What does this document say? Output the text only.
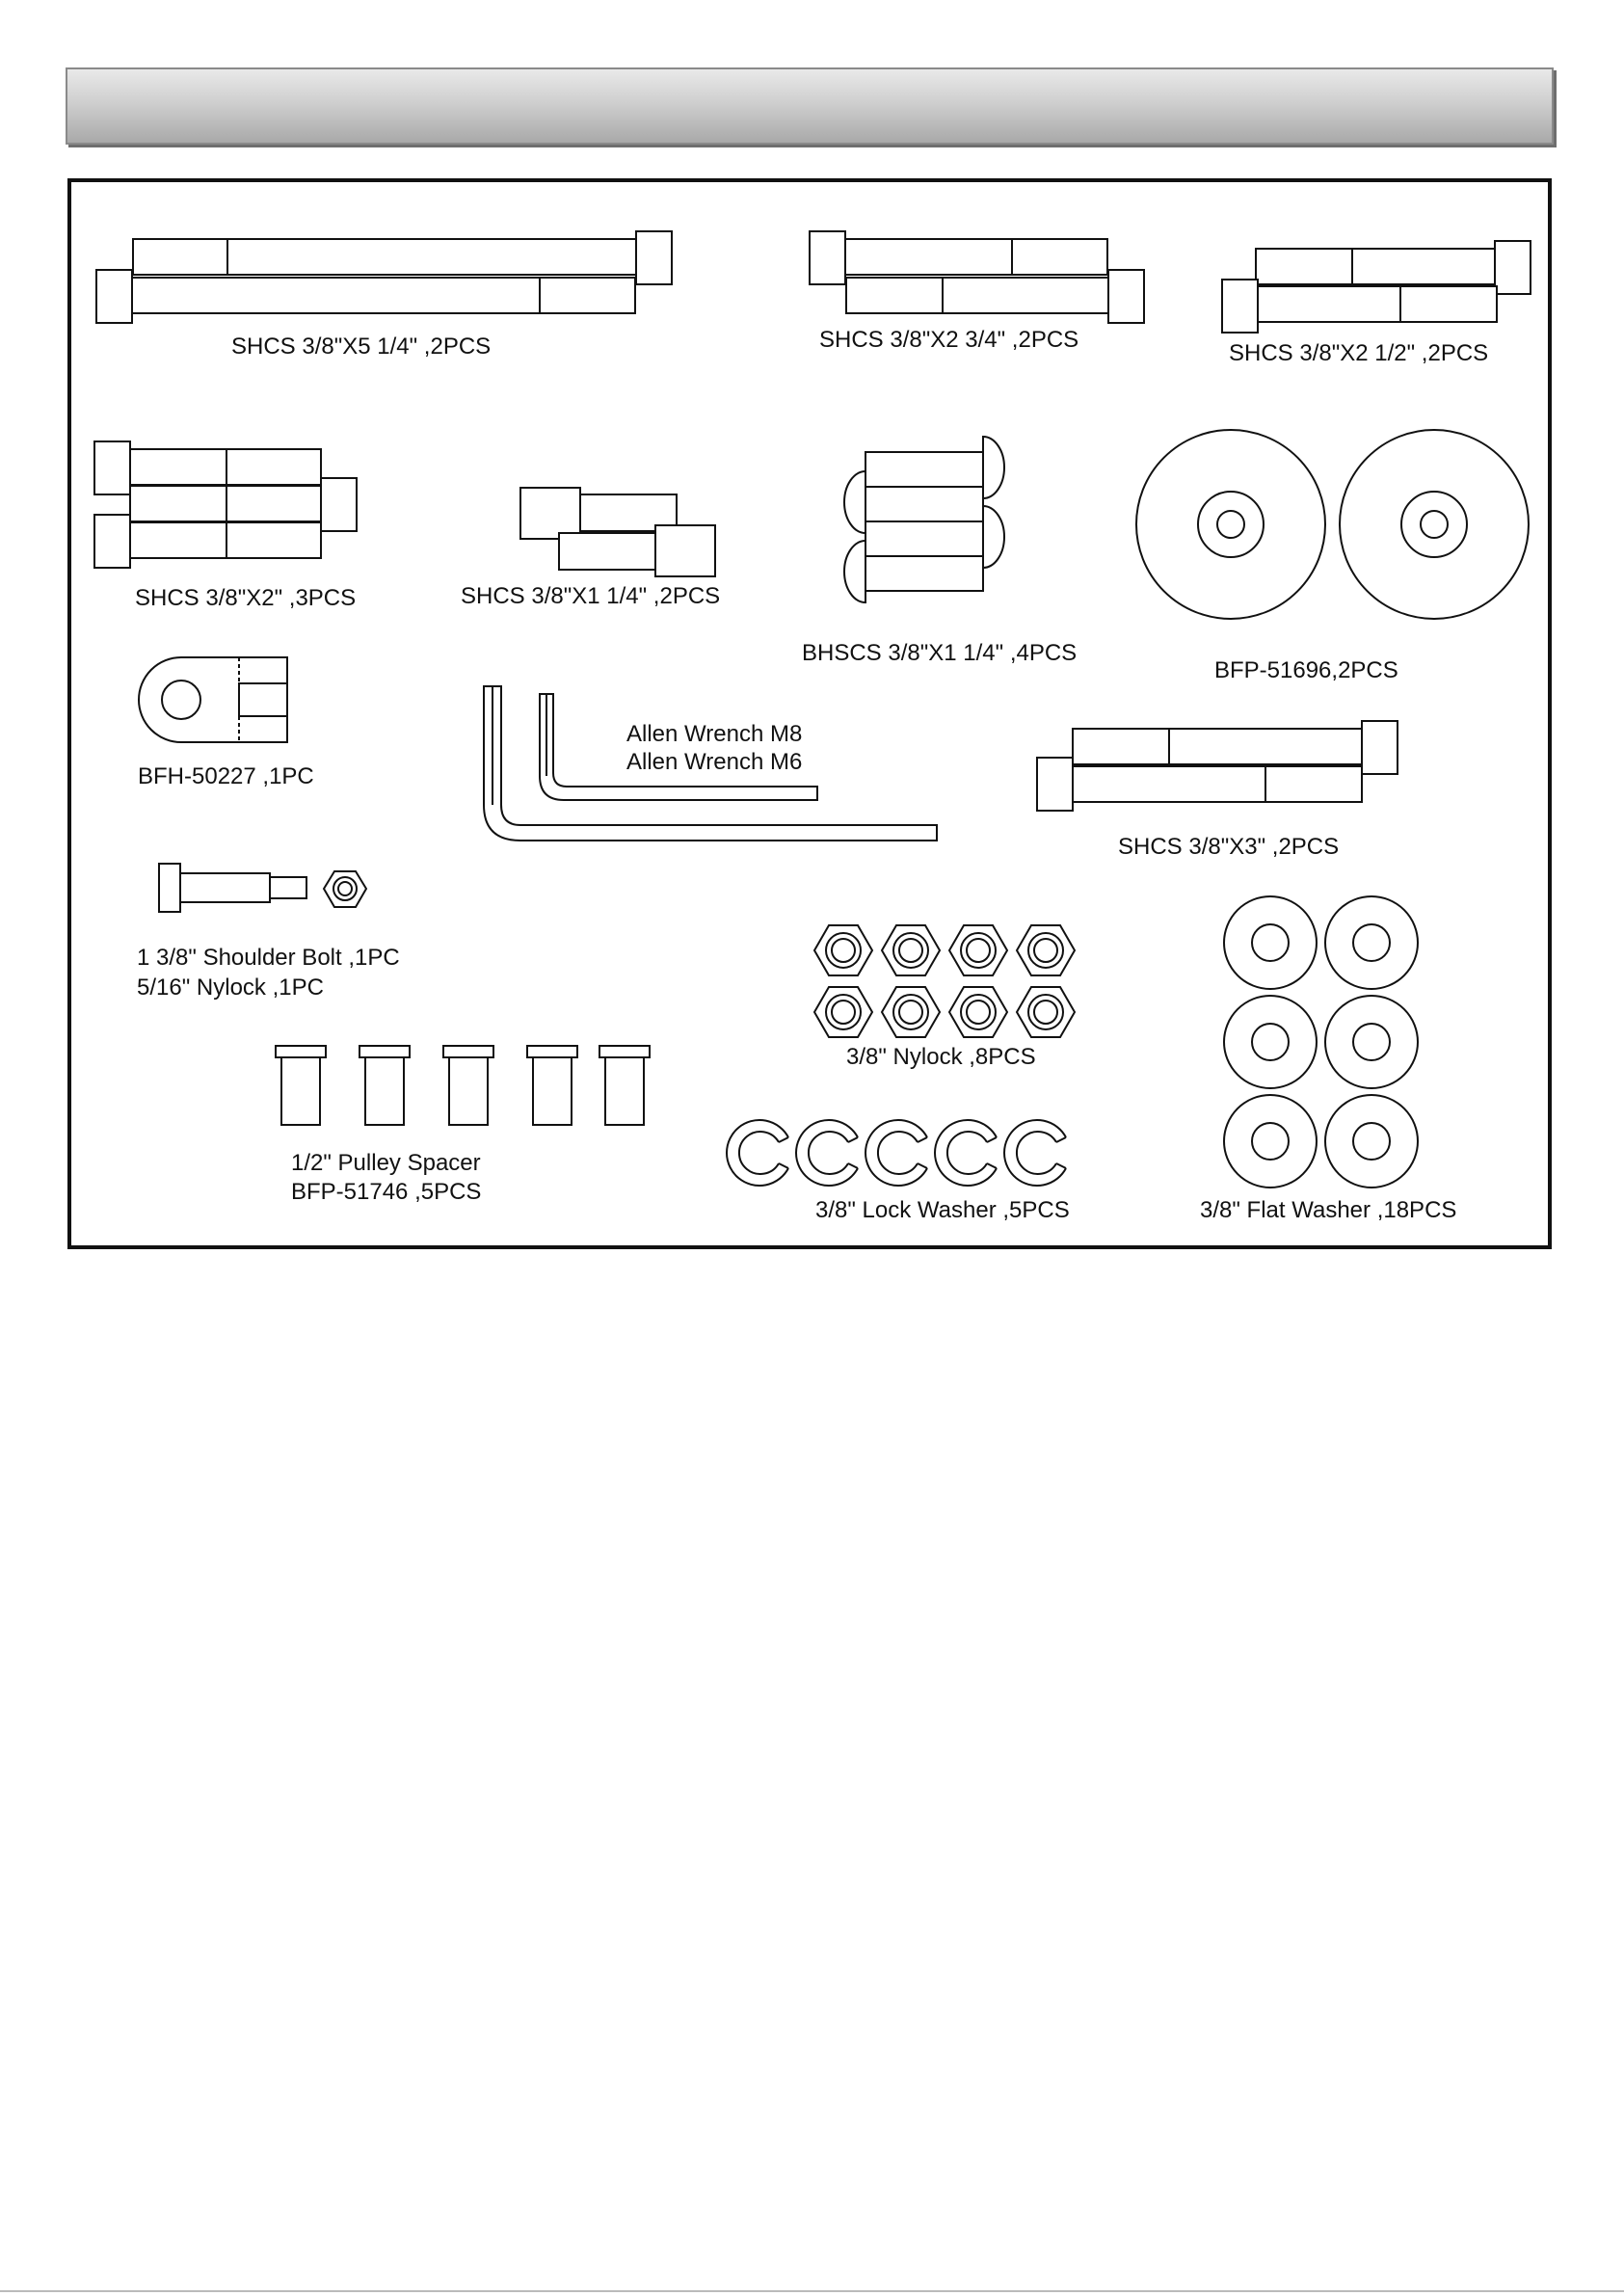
SHCS 3/8"X5 1/4" ,2PCS	SHCS 3/8"X2 3/4" ,2PCS
SHCS 3/8"X2 1/2" ,2PCS
SHCS 3/8"X2" ,3PCS	SHCS 3/8"X1 1/4" ,2PCS
BHSCS 3/8"X1 1/4" ,4PCS
BFP-51696,2PCS
BFH-50227 ,1PC
Allen Wrench M8
Allen Wrench M6
SHCS 3/8"X3" ,2PCS
1 3/8" Shoulder Bolt ,1PC
5/16" Nylock ,1PC
3/8" Nylock ,8PCS
1/2" Pulley Spacer
BFP-51746 ,5PCS
3/8" Lock Washer ,5PCS	3/8" Flat Washer ,18PCS
